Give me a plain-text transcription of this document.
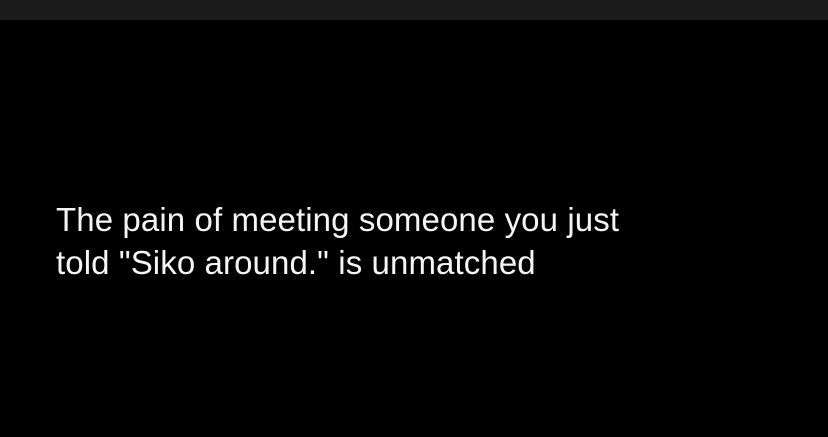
The pain of meeting someone you just
told "Siko around." is unmatched
